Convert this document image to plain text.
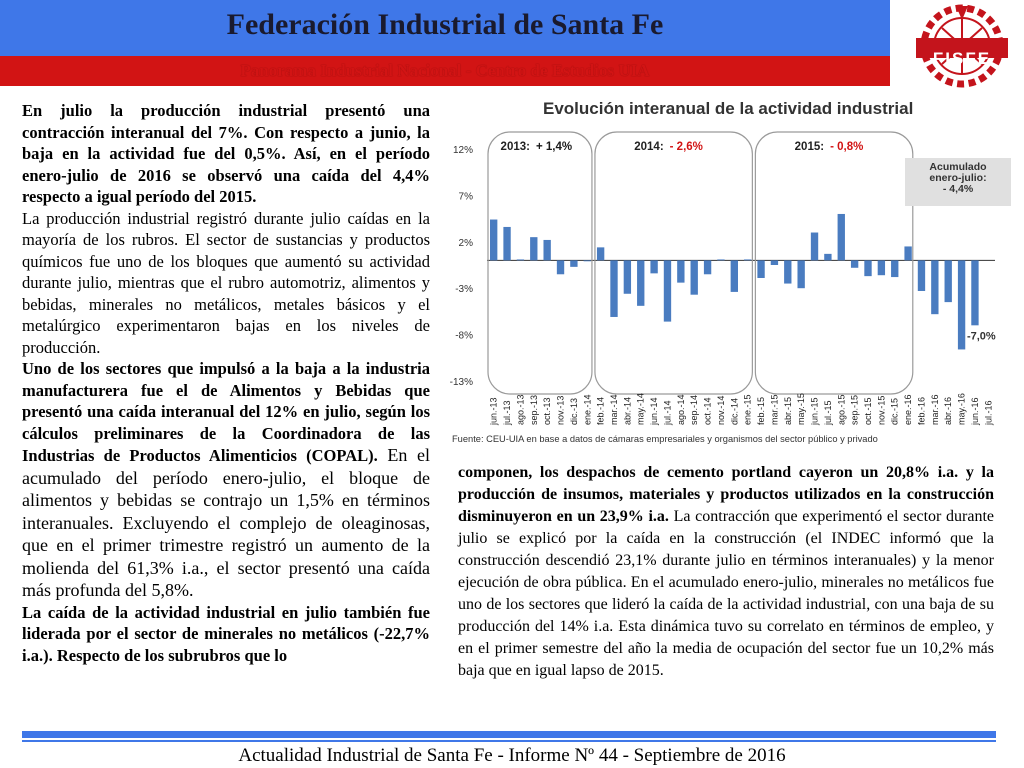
Federación Industrial de Santa Fe
Panorama Industrial Nacional - Centro de Estudios UIA
FISFE

En julio la producción industrial presentó una contracción interanual del 7%. Con respecto a junio, la baja en la actividad fue del 0,5%. Así, en el período enero-julio de 2016 se observó una caída del 4,4% respecto a igual período del 2015.

La producción industrial registró durante julio caídas en la mayoría de los rubros. El sector de sustancias y productos químicos fue uno de los bloques que aumentó su actividad durante julio, mientras que el rubro automotriz, alimentos y bebidas, minerales no metálicos, metales básicos y el metalúrgico experimentaron bajas en los niveles de producción.

Uno de los sectores que impulsó a la baja a la industria manufacturera fue el de Alimentos y Bebidas que presentó una caída interanual del 12% en julio, según los cálculos preliminares de la Coordinadora de las Industrias de Productos Alimenticios (COPAL). En el acumulado del período enero-julio, el bloque de alimentos y bebidas se contrajo un 1,5% en términos interanuales. Excluyendo el complejo de oleaginosas, que en el primer trimestre registró un aumento de la molienda del 61,3% i.a., el sector presentó una caída más profunda del 5,8%.

La caída de la actividad industrial en julio también fue liderada por el sector de minerales no metálicos (-22,7% i.a.). Respecto de los subrubros que lo

Evolución interanual de la actividad industrial
2013: + 1,4%	2014: - 2,6%	2015: - 0,8%
jun.-13 jul.-13 ago.-13 sep.-13 oct.-13 nov.-13 dic.-13 ene.-14 feb.-14 mar.-14 abr.-14 may.-14 jun.-14 jul.-14 ago.-14 sep.-14 oct.-14 nov.-14 dic.-14 ene.-15 feb.-15 mar.-15 abr.-15 may.-15 jun.-15 jul.-15 ago.-15 sep.-15 oct.-15 nov.-15 dic.-15 ene.-16 feb.-16 mar.-16 abr.-16 may.-16 jun.-16 jul.-16
12%
7%
2%
-3%
-8%
-13%
Acumulado
enero-julio:
- 4,4%
-7,0%
Fuente: CEU-UIA en base a datos de cámaras empresariales y organismos del sector público y privado

componen, los despachos de cemento portland cayeron un 20,8% i.a. y la producción de insumos, materiales y productos utilizados en la construcción disminuyeron en un 23,9% i.a. La contracción que experimentó el sector durante julio se explicó por la caída en la construcción (el INDEC informó que la construcción descendió 23,1% durante julio en términos interanuales) y la menor ejecución de obra pública. En el acumulado enero-julio, minerales no metálicos fue uno de los sectores que lideró la caída de la actividad industrial, con una baja de su producción del 14% i.a. Esta dinámica tuvo su correlato en términos de empleo, y en el primer semestre del año la media de ocupación del sector fue un 10,2% más baja que en igual lapso de 2015.

Actualidad Industrial de Santa Fe - Informe Nº 44 - Septiembre de 2016
